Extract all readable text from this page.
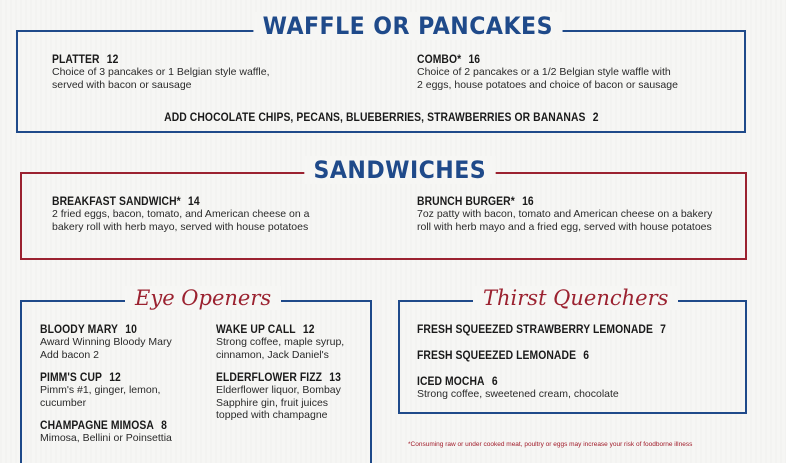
PLATTER 12
Choice of 3 pancakes or 1 Belgian style waffle,
served with bacon or sausage
COMBO* 16
Choice of 2 pancakes or a 1/2 Belgian style waffle with
2 eggs, house potatoes and choice of bacon or sausage
ADD CHOCOLATE CHIPS, PECANS, BLUEBERRIES, STRAWBERRIES OR BANANAS 2
WAFFLE OR PANCAKES
BREAKFAST SANDWICH* 14
2 fried eggs, bacon, tomato, and American cheese on a
bakery roll with herb mayo, served with house potatoes
BRUNCH BURGER* 16
7oz patty with bacon, tomato and American cheese on a bakery
roll with herb mayo and a fried egg, served with house potatoes
SANDWICHES
BLOODY MARY 10
Award Winning Bloody Mary
Add bacon 2
PIMM'S CUP 12
Pimm's #1, ginger, lemon,
cucumber
CHAMPAGNE MIMOSA 8
Mimosa, Bellini or Poinsettia
WAKE UP CALL 12
Strong coffee, maple syrup,
cinnamon, Jack Daniel's
ELDERFLOWER FIZZ 13
Elderflower liquor, Bombay
Sapphire gin, fruit juices
topped with champagne
Eye Openers
FRESH SQUEEZED STRAWBERRY LEMONADE 7
FRESH SQUEEZED LEMONADE 6
ICED MOCHA 6
Strong coffee, sweetened cream, chocolate
Thirst Quenchers
*Consuming raw or under cooked meat, poultry or eggs may increase your risk of foodborne illness
